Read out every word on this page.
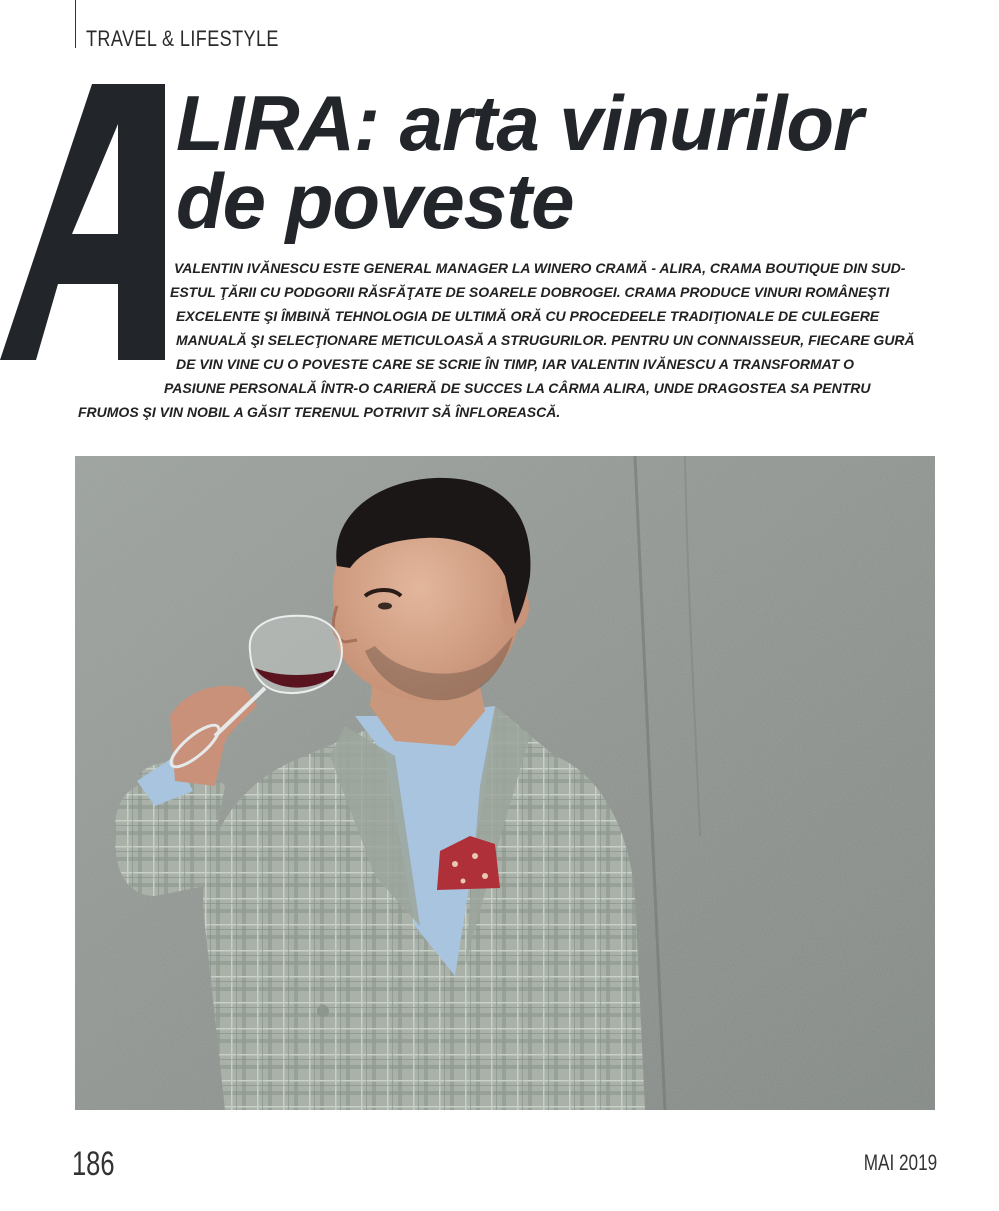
TRAVEL & LIFESTYLE
LIRA: arta vinurilor
de poveste

VALENTIN IVĂNESCU ESTE GENERAL MANAGER LA WINERO CRAMĂ - ALIRA, CRAMA BOUTIQUE DIN SUD-

ESTUL ŢĂRII CU PODGORII RĂSFĂŢATE DE SOARELE DOBROGEI. CRAMA PRODUCE VINURI ROMÂNEŞTI

EXCELENTE ŞI ÎMBINĂ TEHNOLOGIA DE ULTIMĂ ORĂ CU PROCEDEELE TRADIŢIONALE DE CULEGERE

MANUALĂ ŞI SELECŢIONARE METICULOASĂ A STRUGURILOR. PENTRU UN CONNAISSEUR, FIECARE GURĂ

DE VIN VINE CU O POVESTE CARE SE SCRIE ÎN TIMP, IAR VALENTIN IVĂNESCU A TRANSFORMAT O

PASIUNE PERSONALĂ ÎNTR-O CARIERĂ DE SUCCES LA CÂRMA ALIRA, UNDE DRAGOSTEA SA PENTRU

FRUMOS ŞI VIN NOBIL A GĂSIT TERENUL POTRIVIT SĂ ÎNFLOREASCĂ.

186	MAI 2019
